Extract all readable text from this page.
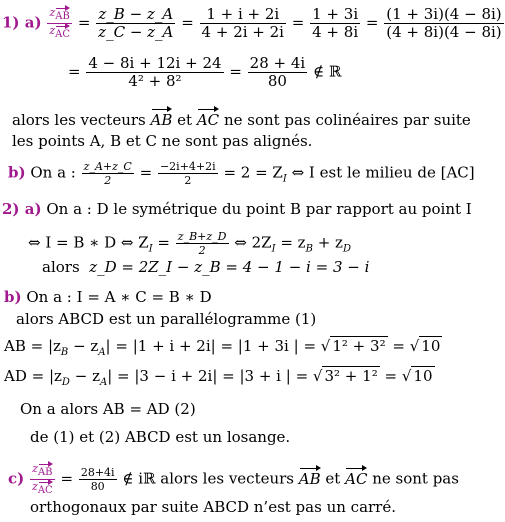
1) $a) \frac{z_{AB}}{z_{AC}} = \frac{z\_B - z\_A}{z\_C - z\_A} = \frac{1 + i + 2i}{4 + 2i + 2i} = \frac{1 + 3i}{4 + 8i} = \frac{(1 + 3i)(4 - 8i)}{(4 + 8i)(4 - 8i)}$
= $\frac{4 - 8i + 12i + 24}{\text{4² + 8²}} = \frac{28 + 4i}{80}$ ∉ ℝ
alors les vecteurs AB et AC ne sont pas colinéaires par suite
les points A, B et C ne sont pas alignés.
b) On a : $\frac{z\_A+z\_C}{2} = \frac{-2i+4+2i}{2} = 2 = Z_I$ ⇔ I est le milieu de [AC]
2) a) On a : D le symétrique du point B par rapport au point I
⇔ I = B ∗ D ⇔ $Z_I = \frac{z\_B+z\_D}{2}$ ⇔ $2Z_I = z_B + z_D$
alors z_D = 2Z_I − z_B = 4 − 1 − i = 3 − i
b) On a : I = A ∗ C = B ∗ D
alors ABCD est un parallélogramme (1)
AB = $|z_B - z_A| = |1 + i + 2i| = |1 + 3i$ | = √ 1² + 3² = √ 10
AD = $|z_D - z_A| = |3 - i + 2i| = |3 + i$ | = √ 3² + 1² = √ 10
On a alors AB = AD (2)
de (1) et (2) ABCD est un losange.
$c) \frac{z_{AB}}{z_{AC}} = \frac{28+4i}{80}$ ∉ iℝ alors les vecteurs AB et AC ne sont pas
orthogonaux par suite ABCD n’est pas un carré.
